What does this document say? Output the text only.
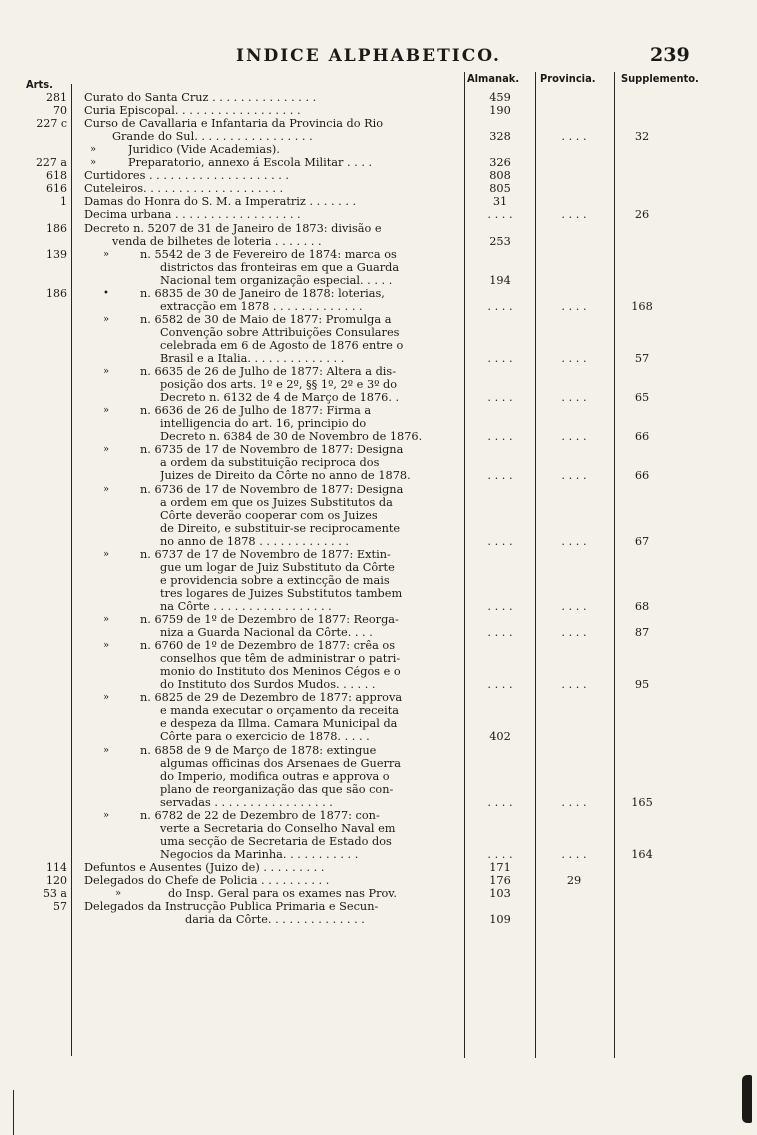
INDICE ALPHABETICO.	239
Arts.	Almanak. Provincia. Supplemento.
281 Curato do Santa Cruz . . . . . . . . . . . . . . .	459
70 Curia Episcopal. . . . . . . . . . . . . . . . . .	190
227 c Curso de Cavallaria e Infantaria da Provincia do Rio
Grande do Sul. . . . . . . . . . . . . . . . .	328	. . . .	32
»	Juridico (Vide Academias).
227 a »	Preparatorio, annexo á Escola Militar . . . .	326
618 Curtidores . . . . . . . . . . . . . . . . . . . .	808
616 Cuteleiros. . . . . . . . . . . . . . . . . . . .	805
1 Damas do Honra do S. M. a Imperatriz . . . . . . .	31
Decima urbana . . . . . . . . . . . . . . . . . .	. . . .	. . . .	26
186 Decreto n. 5207 de 31 de Janeiro de 1873: divisão e
venda de bilhetes de loteria . . . . . . .	253
139	»	n. 5542 de 3 de Fevereiro de 1874: marca os
districtos das fronteiras em que a Guarda
Nacional tem organização especial. . . . .	194
186	•	n. 6835 de 30 de Janeiro de 1878: loterias,
extracção em 1878 . . . . . . . . . . . . .	. . . .	. . . .	168
»	n. 6582 de 30 de Maio de 1877: Promulga a
Convenção sobre Attribuições Consulares
celebrada em 6 de Agosto de 1876 entre o
Brasil e a Italia. . . . . . . . . . . . . .	. . . .	. . . .	57
»	n. 6635 de 26 de Julho de 1877: Altera a dis-
posição dos arts. 1º e 2º, §§ 1º, 2º e 3º do
Decreto n. 6132 de 4 de Março de 1876. .	. . . .	. . . .	65
»	n. 6636 de 26 de Julho de 1877: Firma a
intelligencia do art. 16, principio do
Decreto n. 6384 de 30 de Novembro de 1876.	. . . .	. . . .	66
»	n. 6735 de 17 de Novembro de 1877: Designa
a ordem da substituição reciproca dos
Juizes de Direito da Côrte no anno de 1878.	. . . .	. . . .	66
»	n. 6736 de 17 de Novembro de 1877: Designa
a ordem em que os Juizes Substitutos da
Côrte deverão cooperar com os Juizes
de Direito, e substituir-se reciprocamente
no anno de 1878 . . . . . . . . . . . . .	. . . .	. . . .	67
»	n. 6737 de 17 de Novembro de 1877: Extin-
gue um logar de Juiz Substituto da Côrte
e providencia sobre a extincção de mais
tres logares de Juizes Substitutos tambem
na Côrte . . . . . . . . . . . . . . . . .	. . . .	. . . .	68
»	n. 6759 de 1º de Dezembro de 1877: Reorga-
niza a Guarda Nacional da Côrte. . . .	. . . .	. . . .	87
»	n. 6760 de 1º de Dezembro de 1877: crêa os
conselhos que têm de administrar o patri-
monio do Instituto dos Meninos Cégos e o
do Instituto dos Surdos Mudos. . . . . .	. . . .	. . . .	95
»	n. 6825 de 29 de Dezembro de 1877: approva
e manda executar o orçamento da receita
e despeza da Illma. Camara Municipal da
Côrte para o exercicio de 1878. . . . .	402
»	n. 6858 de 9 de Março de 1878: extingue
algumas officinas dos Arsenaes de Guerra
do Imperio, modifica outras e approva o
plano de reorganização das que são con-
servadas . . . . . . . . . . . . . . . . .	. . . .	. . . .	165
»	n. 6782 de 22 de Dezembro de 1877: con-
verte a Secretaria do Conselho Naval em
uma secção de Secretaria de Estado dos
Negocios da Marinha. . . . . . . . . . .	. . . .	. . . .	164
114 Defuntos e Ausentes (Juizo de) . . . . . . . . .	171
120 Delegados do Chefe de Policia . . . . . . . . . .	176	29
53 a	»	do Insp. Geral para os exames nas Prov.	103
57 Delegados da Instrucção Publica Primaria e Secun-
daria da Côrte. . . . . . . . . . . . . .	109
